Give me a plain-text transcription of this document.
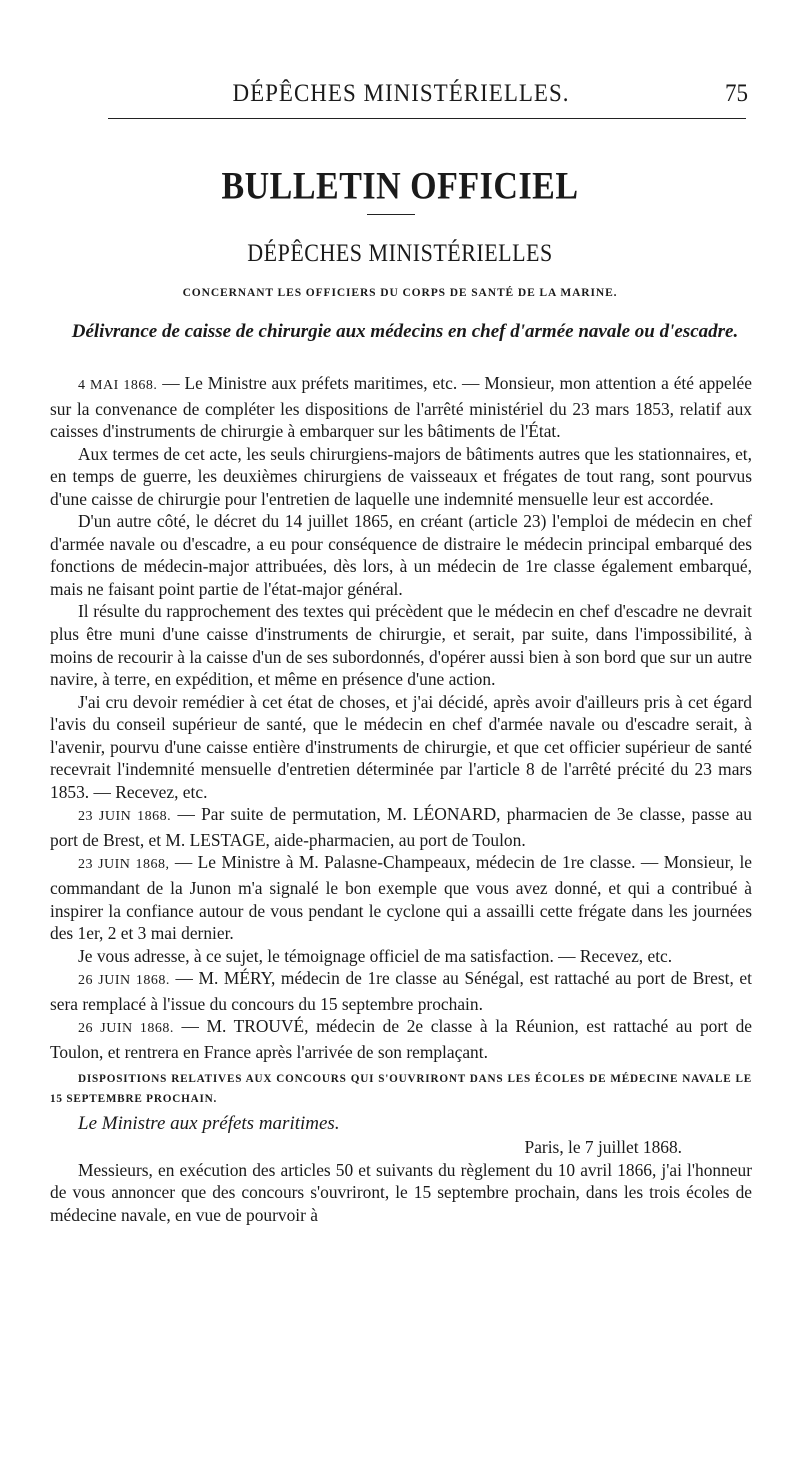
DÉPÊCHES MINISTÉRIELLES.	75
BULLETIN OFFICIEL
DÉPÊCHES MINISTÉRIELLES
CONCERNANT LES OFFICIERS DU CORPS DE SANTÉ DE LA MARINE.
Délivrance de caisse de chirurgie aux médecins en chef d'armée navale ou d'escadre.

4 MAI 1868. — Le Ministre aux préfets maritimes, etc. — Monsieur, mon attention a été appelée sur la convenance de compléter les dispositions de l'arrêté ministériel du 23 mars 1853, relatif aux caisses d'instruments de chirurgie à embarquer sur les bâtiments de l'État.

Aux termes de cet acte, les seuls chirurgiens-majors de bâtiments autres que les stationnaires, et, en temps de guerre, les deuxièmes chirurgiens de vaisseaux et frégates de tout rang, sont pourvus d'une caisse de chirurgie pour l'entretien de laquelle une indemnité mensuelle leur est accordée.

D'un autre côté, le décret du 14 juillet 1865, en créant (article 23) l'emploi de médecin en chef d'armée navale ou d'escadre, a eu pour conséquence de distraire le médecin principal embarqué des fonctions de médecin-major attribuées, dès lors, à un médecin de 1re classe également embarqué, mais ne faisant point partie de l'état-major général.

Il résulte du rapprochement des textes qui précèdent que le médecin en chef d'escadre ne devrait plus être muni d'une caisse d'instruments de chirurgie, et serait, par suite, dans l'impossibilité, à moins de recourir à la caisse d'un de ses subordonnés, d'opérer aussi bien à son bord que sur un autre navire, à terre, en expédition, et même en présence d'une action.

J'ai cru devoir remédier à cet état de choses, et j'ai décidé, après avoir d'ailleurs pris à cet égard l'avis du conseil supérieur de santé, que le médecin en chef d'armée navale ou d'escadre serait, à l'avenir, pourvu d'une caisse entière d'instruments de chirurgie, et que cet officier supérieur de santé recevrait l'indemnité mensuelle d'entretien déterminée par l'article 8 de l'arrêté précité du 23 mars 1853. — Recevez, etc.

23 JUIN 1868. — Par suite de permutation, M. LÉONARD, pharmacien de 3e classe, passe au port de Brest, et M. LESTAGE, aide-pharmacien, au port de Toulon.

23 JUIN 1868, — Le Ministre à M. Palasne-Champeaux, médecin de 1re classe. — Monsieur, le commandant de la Junon m'a signalé le bon exemple que vous avez donné, et qui a contribué à inspirer la confiance autour de vous pendant le cyclone qui a assailli cette frégate dans les journées des 1er, 2 et 3 mai dernier.

Je vous adresse, à ce sujet, le témoignage officiel de ma satisfaction. — Recevez, etc.

26 JUIN 1868. — M. MÉRY, médecin de 1re classe au Sénégal, est rattaché au port de Brest, et sera remplacé à l'issue du concours du 15 septembre prochain.

26 JUIN 1868. — M. TROUVÉ, médecin de 2e classe à la Réunion, est rattaché au port de Toulon, et rentrera en France après l'arrivée de son remplaçant.

DISPOSITIONS RELATIVES AUX CONCOURS QUI S'OUVRIRONT DANS LES ÉCOLES DE MÉDECINE NAVALE LE 15 SEPTEMBRE PROCHAIN.

Le Ministre aux préfets maritimes.

Paris, le 7 juillet 1868.

Messieurs, en exécution des articles 50 et suivants du règlement du 10 avril 1866, j'ai l'honneur de vous annoncer que des concours s'ouvriront, le 15 septembre prochain, dans les trois écoles de médecine navale, en vue de pourvoir à
